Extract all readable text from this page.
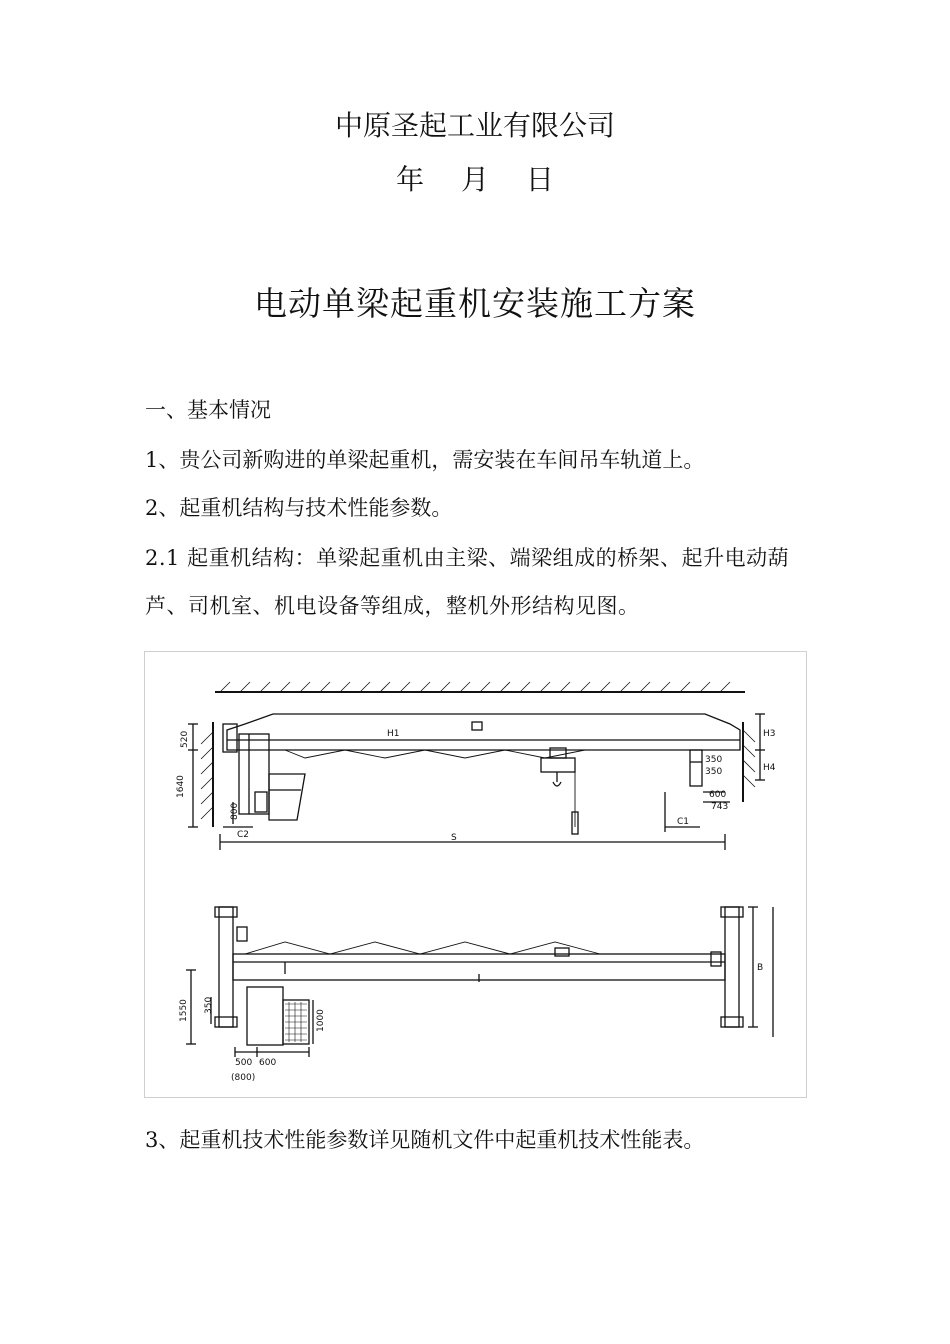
中原圣起工业有限公司
年 月 日
电动单梁起重机安装施工方案
一、基本情况
1、贵公司新购进的单梁起重机，需安装在车间吊车轨道上。
2、起重机结构与技术性能参数。
2.1 起重机结构：单梁起重机由主梁、端梁组成的桥架、起升电动葫芦、司机室、机电设备等组成，整机外形结构见图。
520
1640
800
C2	S
C1
H1	H3
H4
350
350
600
743
1550 350
1000
500 600
(800)
B
3、起重机技术性能参数详见随机文件中起重机技术性能表。
